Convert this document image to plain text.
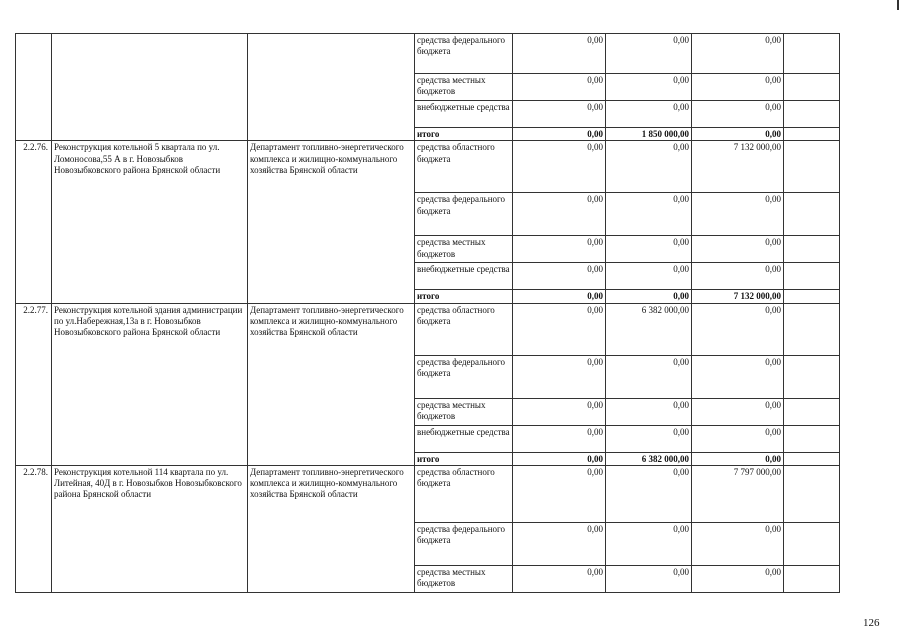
			средства федерального бюджета	0,00	0,00	0,00	
			средства местных бюджетов	0,00	0,00	0,00	
			внебюджетные средства	0,00	0,00	0,00	
			итого	0,00	1 850 000,00	0,00	
2.2.76.	Реконструкция котельной 5 квартала по ул. Ломоносова,55 А в г. Новозыбков Новозыбковского района Брянской области	Департамент топливно-энергетического комплекса и жилищно-коммунального хозяйства Брянской области	средства областного бюджета	0,00	0,00	7 132 000,00	
			средства федерального бюджета	0,00	0,00	0,00	
			средства местных бюджетов	0,00	0,00	0,00	
			внебюджетные средства	0,00	0,00	0,00	
			итого	0,00	0,00	7 132 000,00	
2.2.77.	Реконструкция котельной здания администрации по ул.Набережная,13а в г. Новозыбков Новозыбковского района Брянской области	Департамент топливно-энергетического комплекса и жилищно-коммунального хозяйства Брянской области	средства областного бюджета	0,00	6 382 000,00	0,00	
			средства федерального бюджета	0,00	0,00	0,00	
			средства местных бюджетов	0,00	0,00	0,00	
			внебюджетные средства	0,00	0,00	0,00	
			итого	0,00	6 382 000,00	0,00	
2.2.78.	Реконструкция котельной 114 квартала по ул. Литейная, 40Д в г. Новозыбков Новозыбковского района Брянской области	Департамент топливно-энергетического комплекса и жилищно-коммунального хозяйства Брянской области	средства областного бюджета	0,00	0,00	7 797 000,00	
			средства федерального бюджета	0,00	0,00	0,00	
			средства местных бюджетов	0,00	0,00	0,00	
126
